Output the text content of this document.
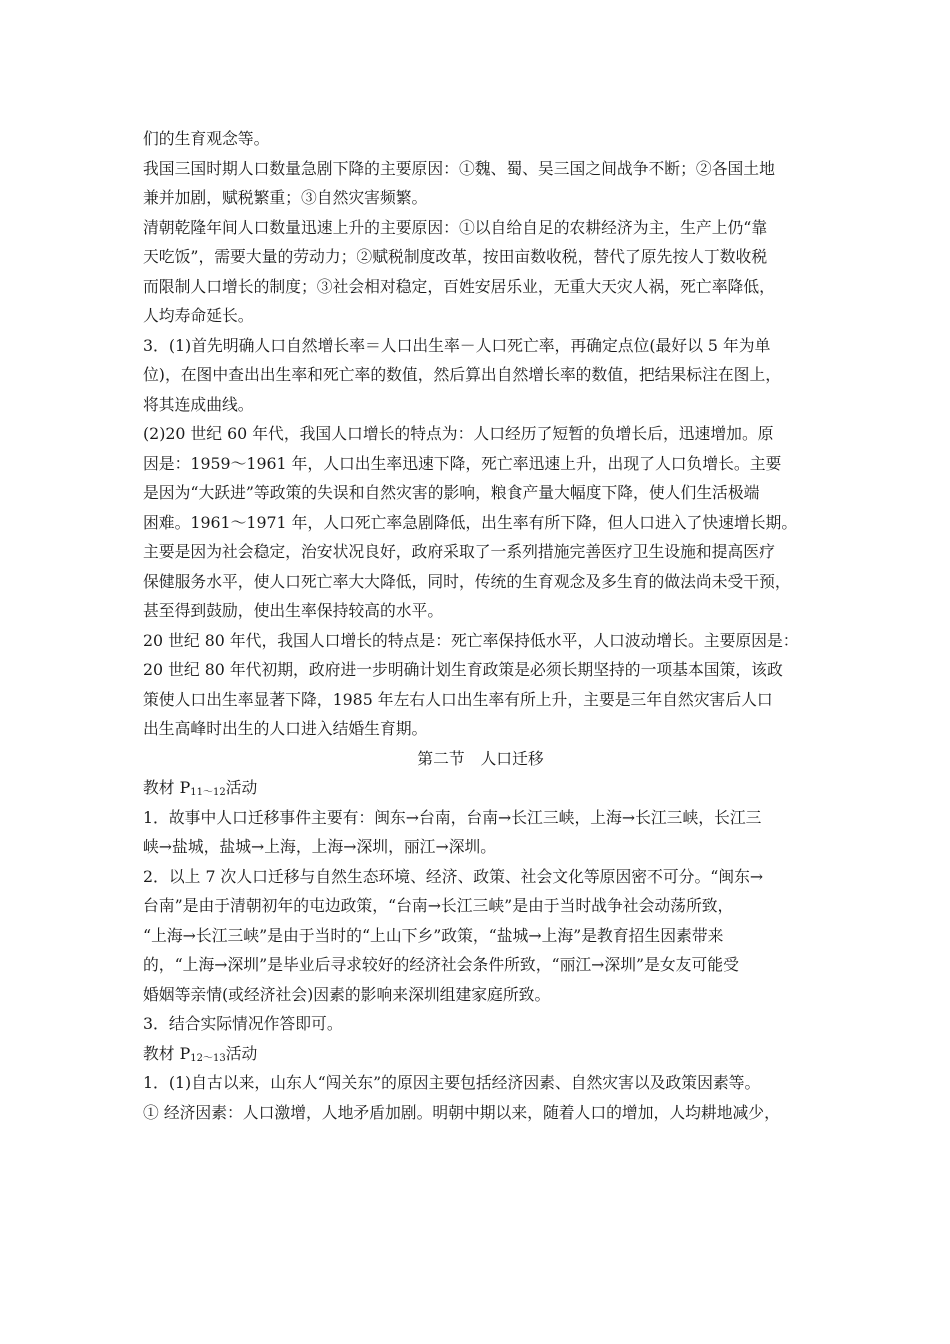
们的生育观念等。
我国三国时期人口数量急剧下降的主要原因：①魏、蜀、吴三国之间战争不断；②各国土地
兼并加剧，赋税繁重；③自然灾害频繁。
清朝乾隆年间人口数量迅速上升的主要原因：①以自给自足的农耕经济为主，生产上仍“靠
天吃饭”，需要大量的劳动力；②赋税制度改革，按田亩数收税，替代了原先按人丁数收税
而限制人口增长的制度；③社会相对稳定，百姓安居乐业，无重大天灾人祸，死亡率降低，
人均寿命延长。
3．(1)首先明确人口自然增长率＝人口出生率－人口死亡率，再确定点位(最好以 5 年为单
位)，在图中查出出生率和死亡率的数值，然后算出自然增长率的数值，把结果标注在图上，
将其连成曲线。
(2)20 世纪 60 年代，我国人口增长的特点为：人口经历了短暂的负增长后，迅速增加。原
因是：1959～1961 年，人口出生率迅速下降，死亡率迅速上升，出现了人口负增长。主要
是因为“大跃进”等政策的失误和自然灾害的影响，粮食产量大幅度下降，使人们生活极端
困难。1961～1971 年，人口死亡率急剧降低，出生率有所下降，但人口进入了快速增长期。
主要是因为社会稳定，治安状况良好，政府采取了一系列措施完善医疗卫生设施和提高医疗
保健服务水平，使人口死亡率大大降低，同时，传统的生育观念及多生育的做法尚未受干预，
甚至得到鼓励，使出生率保持较高的水平。
20 世纪 80 年代，我国人口增长的特点是：死亡率保持低水平，人口波动增长。主要原因是：
20 世纪 80 年代初期，政府进一步明确计划生育政策是必须长期坚持的一项基本国策，该政
策使人口出生率显著下降，1985 年左右人口出生率有所上升，主要是三年自然灾害后人口
出生高峰时出生的人口进入结婚生育期。
第二节　人口迁移
教材 $P_{11\sim 12}$活动
1．故事中人口迁移事件主要有：闽东→台南，台南→长江三峡，上海→长江三峡，长江三
峡→盐城，盐城→上海，上海→深圳，丽江→深圳。
2．以上 7 次人口迁移与自然生态环境、经济、政策、社会文化等原因密不可分。“闽东→
台南”是由于清朝初年的屯边政策，“台南→长江三峡”是由于当时战争社会动荡所致，
“上海→长江三峡”是由于当时的“上山下乡”政策，“盐城→上海”是教育招生因素带来
的，“上海→深圳”是毕业后寻求较好的经济社会条件所致，“丽江→深圳”是女友可能受
婚姻等亲情(或经济社会)因素的影响来深圳组建家庭所致。
3．结合实际情况作答即可。
教材 $P_{12\sim 13}$活动
1．(1)自古以来，山东人“闯关东”的原因主要包括经济因素、自然灾害以及政策因素等。
① 经济因素：人口激增，人地矛盾加剧。明朝中期以来，随着人口的增加，人均耕地减少，
